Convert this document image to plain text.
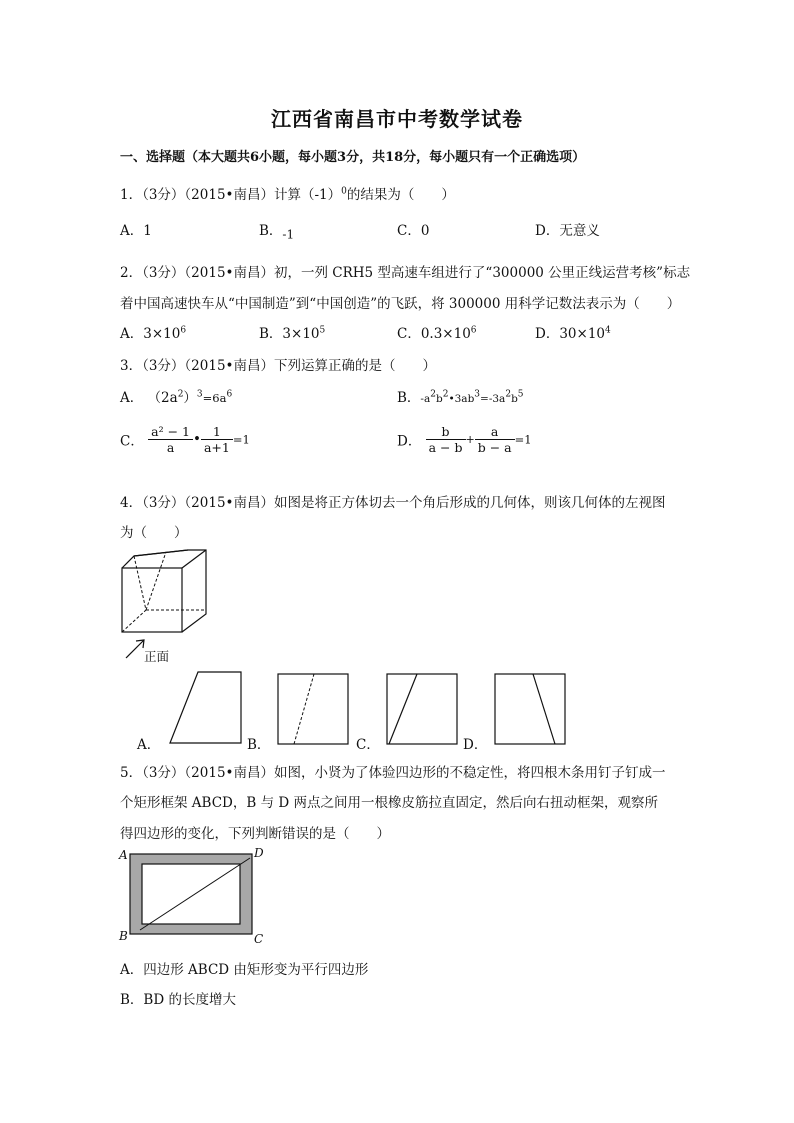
江西省南昌市中考数学试卷
一、选择题（本大题共6小题，每小题3分，共18分，每小题只有一个正确选项）
1．（3分）（2015•南昌）计算$(-1)^0$的结果为（　　）
A．1	B．-1	C．0	D．无意义
2．（3分）（2015•南昌）初，一列 CRH5 型高速车组进行了“300000 公里正线运营考核”标志
着中国高速快车从“中国制造”到“中国创造”的飞跃，将 300000 用科学记数法表示为（　　）
A．$3\times 10^6$	B．$3\times 10^5$	C．$0.3\times 10^6$	D．$30\times 10^4$
3．（3分）（2015•南昌）下列运算正确的是（　　）
A． $(2a^2)^3=6a^6$	B．$-a^2b^2•3ab^3=-3a^2b^5$
C． $\frac{\text{a² − 1}}{a}$ • $\frac{1}{a+1} =1$	D． $\frac{b}{a - b} + \frac{a}{b - a} =1$
4．（3分）（2015•南昌）如图是将正方体切去一个角后形成的几何体，则该几何体的左视图
为（　　）
正面
A．	B．	C．	D．
5．（3分）（2015•南昌）如图，小贤为了体验四边形的不稳定性，将四根木条用钉子钉成一
个矩形框架 ABCD，B 与 D 两点之间用一根橡皮筋拉直固定，然后向右扭动框架，观察所
得四边形的变化，下列判断错误的是（　　）
A	D
B	C
A．四边形 ABCD 由矩形变为平行四边形
B．BD 的长度增大
